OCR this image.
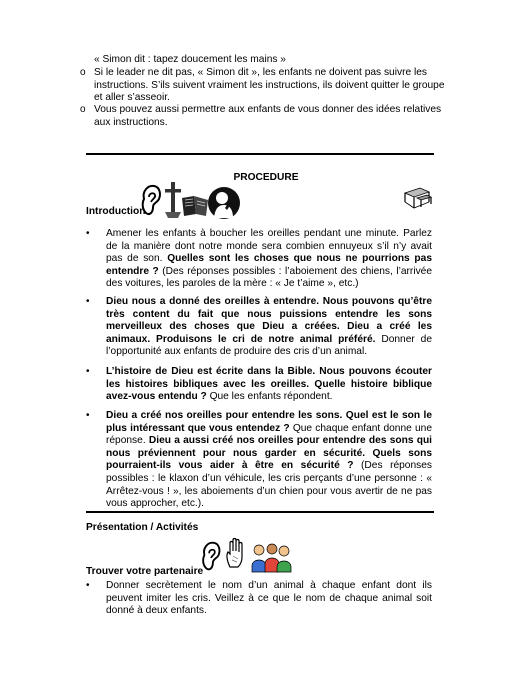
« Simon dit : tapez doucement les mains »
o Si le leader ne dit pas, « Simon dit », les enfants ne doivent pas suivre les instructions. S’ils suivent vraiment les instructions, ils doivent quitter le groupe et aller s’asseoir.
o Vous pouvez aussi permettre aux enfants de vous donner des idées relatives aux instructions.
PROCEDURE
Introduction
• Amener les enfants à boucher les oreilles pendant une minute. Parlez de la manière dont notre monde sera combien ennuyeux s’il n’y avait pas de son. Quelles sont les choses que nous ne pourrions pas entendre ? (Des réponses possibles : l’aboiement des chiens, l’arrivée des voitures, les paroles de la mère : « Je t’aime », etc.)
• Dieu nous a donné des oreilles à entendre. Nous pouvons qu’être très content du fait que nous puissions entendre les sons merveilleux des choses que Dieu a créées. Dieu a créé les animaux. Produisons le cri de notre animal préféré. Donner de l’opportunité aux enfants de produire des cris d’un animal.
• L’histoire de Dieu est écrite dans la Bible. Nous pouvons écouter les histoires bibliques avec les oreilles. Quelle histoire biblique avez-vous entendu ? Que les enfants répondent.
• Dieu a créé nos oreilles pour entendre les sons. Quel est le son le plus intéressant que vous entendez ? Que chaque enfant donne une réponse. Dieu a aussi créé nos oreilles pour entendre des sons qui nous préviennent pour nous garder en sécurité. Quels sons pourraient-ils vous aider à être en sécurité ? (Des réponses possibles : le klaxon d’un véhicule, les cris perçants d’une personne : « Arrêtez-vous ! », les aboiements d’un chien pour vous avertir de ne pas vous approcher, etc.).
Présentation / Activités
Trouver votre partenaire
• Donner secrètement le nom d’un animal à chaque enfant dont ils peuvent imiter les cris. Veillez à ce que le nom de chaque animal soit donné à deux enfants.
